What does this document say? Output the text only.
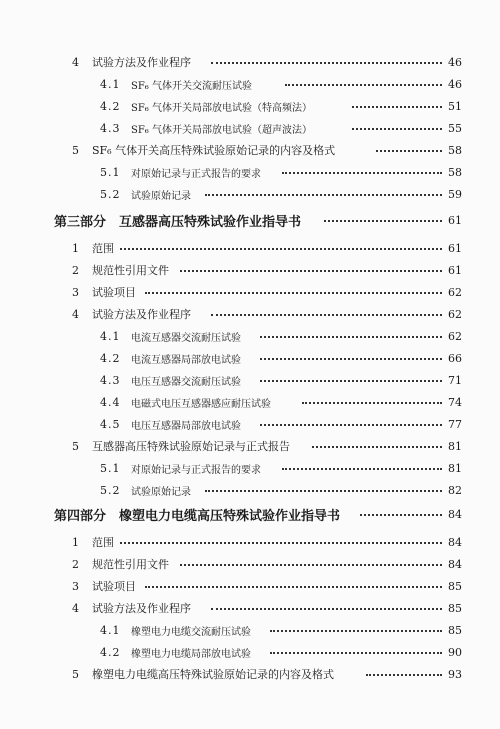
4 试验方法及作业程序	46
4.1 SF₆ 气体开关交流耐压试验	46
4.2 SF₆ 气体开关局部放电试验（特高频法）	51
4.3 SF₆ 气体开关局部放电试验（超声波法）	55
5 SF₆ 气体开关高压特殊试验原始记录的内容及格式	58
5.1 对原始记录与正式报告的要求	58
5.2 试验原始记录	59
第三部分　互感器高压特殊试验作业指导书	61
1 范围	61
2 规范性引用文件	61
3 试验项目	62
4 试验方法及作业程序	62
4.1 电流互感器交流耐压试验	62
4.2 电流互感器局部放电试验	66
4.3 电压互感器交流耐压试验	71
4.4 电磁式电压互感器感应耐压试验	74
4.5 电压互感器局部放电试验	77
5 互感器高压特殊试验原始记录与正式报告	81
5.1 对原始记录与正式报告的要求	81
5.2 试验原始记录	82
第四部分　橡塑电力电缆高压特殊试验作业指导书	84
1 范围	84
2 规范性引用文件	84
3 试验项目	85
4 试验方法及作业程序	85
4.1 橡塑电力电缆交流耐压试验	85
4.2 橡塑电力电缆局部放电试验	90
5 橡塑电力电缆高压特殊试验原始记录的内容及格式	93
